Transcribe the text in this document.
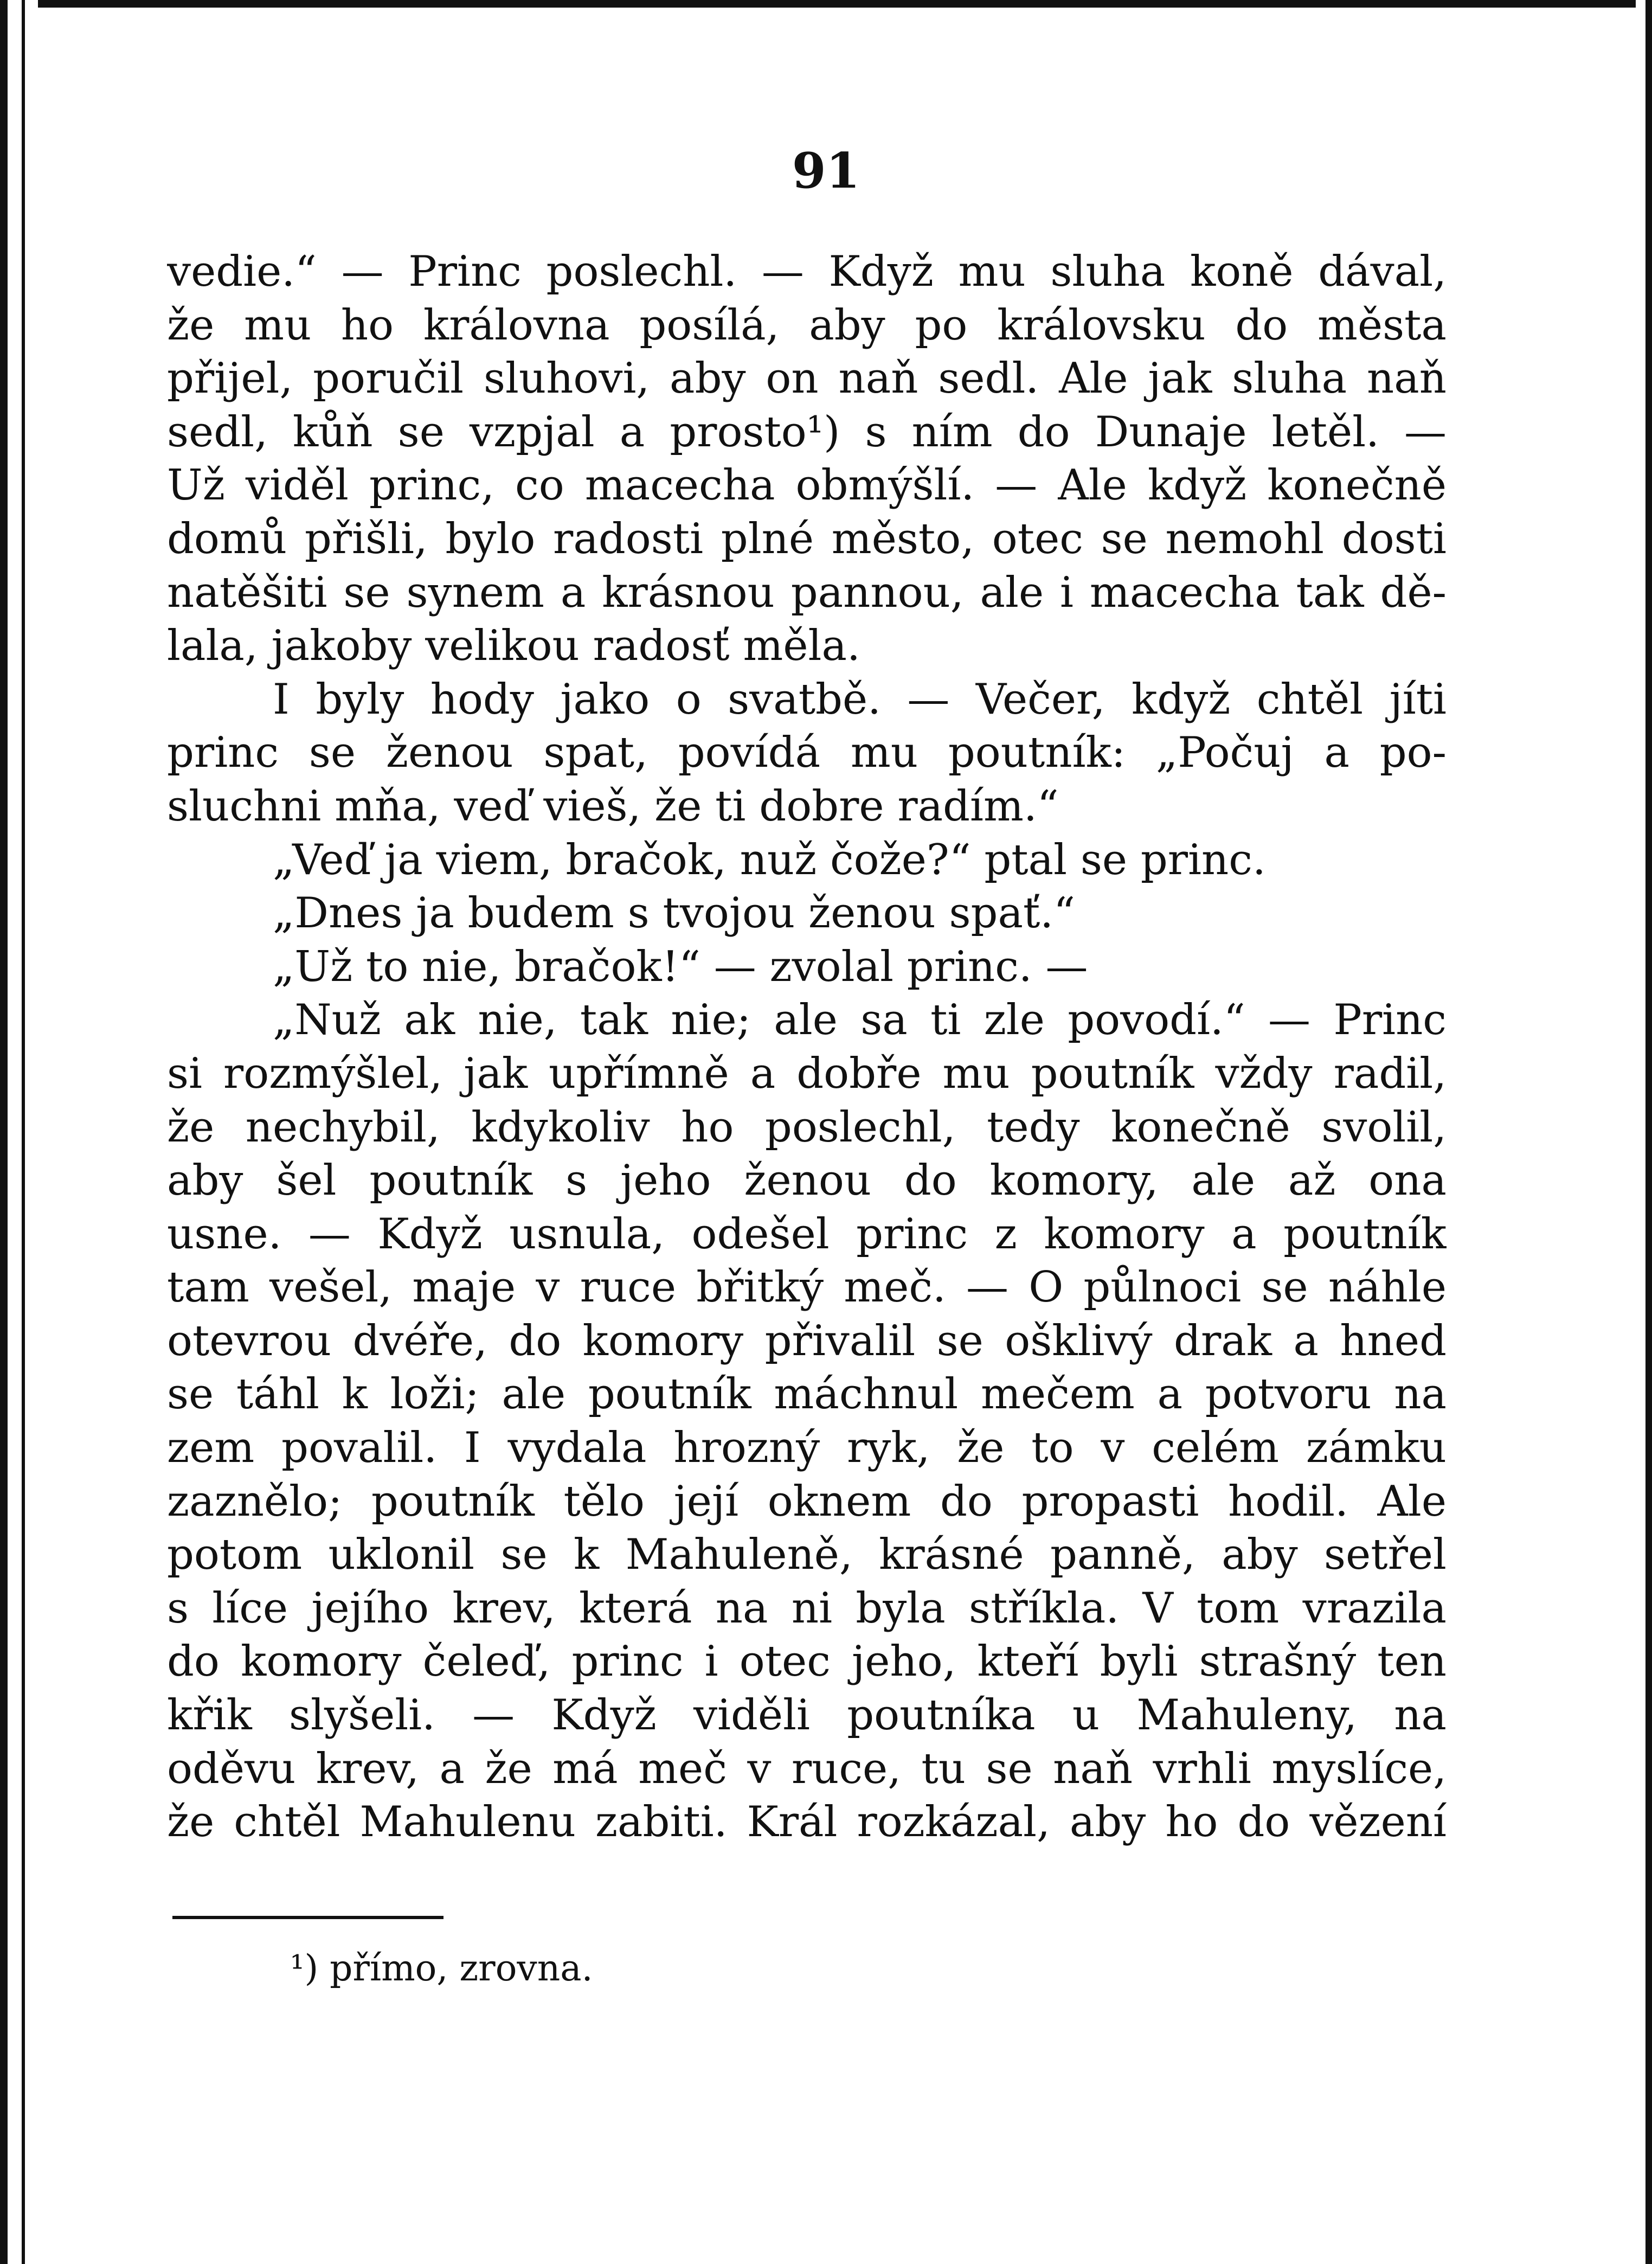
91
vedie.“ — Princ poslechl. — Když mu sluha koně dával,
že mu ho královna posílá, aby po královsku do města
přijel, poručil sluhovi, aby on naň sedl. Ale jak sluha naň
sedl, kůň se vzpjal a prosto¹) s ním do Dunaje letěl. —
Už viděl princ, co macecha obmýšlí. — Ale když konečně
domů přišli, bylo radosti plné město, otec se nemohl dosti
natěšiti se synem a krásnou pannou, ale i macecha tak dě-
lala, jakoby velikou radosť měla.
I byly hody jako o svatbě. — Večer, když chtěl jíti
princ se ženou spat, povídá mu poutník: „Počuj a po-
sluchni mňa, veď vieš, že ti dobre radím.“
„Veď ja viem, bračok, nuž čože?“ ptal se princ.
„Dnes ja budem s tvojou ženou spať.“
„Už to nie, bračok!“ — zvolal princ. —
„Nuž ak nie, tak nie; ale sa ti zle povodí.“ — Princ
si rozmýšlel, jak upřímně a dobře mu poutník vždy radil,
že nechybil, kdykoliv ho poslechl, tedy konečně svolil,
aby šel poutník s jeho ženou do komory, ale až ona
usne. — Když usnula, odešel princ z komory a poutník
tam vešel, maje v ruce břitký meč. — O půlnoci se náhle
otevrou dvéře, do komory přivalil se ošklivý drak a hned
se táhl k loži; ale poutník máchnul mečem a potvoru na
zem povalil. I vydala hrozný ryk, že to v celém zámku
zaznělo; poutník tělo její oknem do propasti hodil. Ale
potom uklonil se k Mahuleně, krásné panně, aby setřel
s líce jejího krev, která na ni byla stříkla. V tom vrazila
do komory čeleď, princ i otec jeho, kteří byli strašný ten
křik slyšeli. — Když viděli poutníka u Mahuleny, na
oděvu krev, a že má meč v ruce, tu se naň vrhli myslíce,
že chtěl Mahulenu zabiti. Král rozkázal, aby ho do vězení
¹) přímo, zrovna.
